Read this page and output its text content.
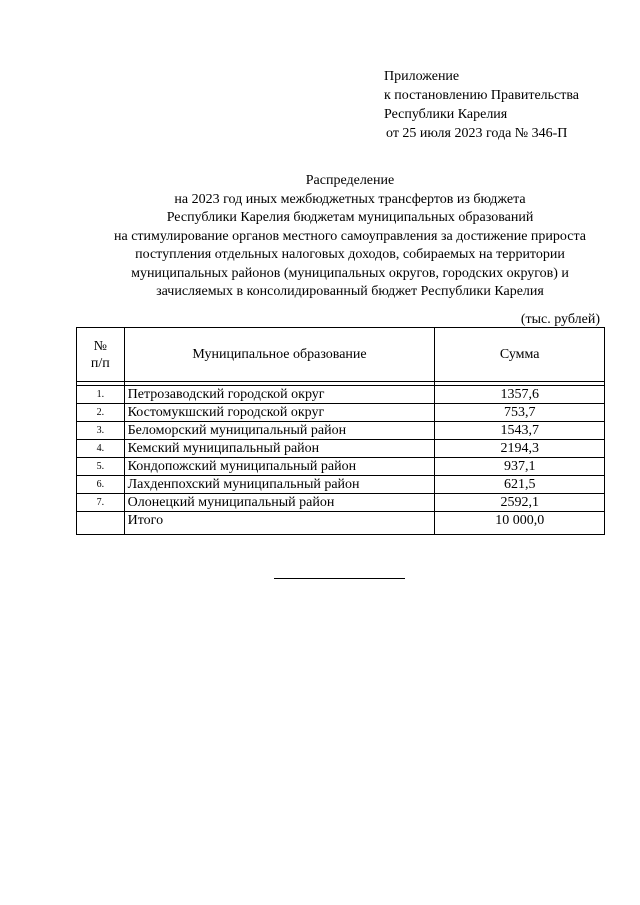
Приложение
к постановлению Правительства
Республики Карелия
от 25 июля 2023 года № 346-П
Распределение
на 2023 год иных межбюджетных трансфертов из бюджета
Республики Карелия бюджетам муниципальных образований
на стимулирование органов местного самоуправления за достижение прироста
поступления отдельных налоговых доходов, собираемых на территории
муниципальных районов (муниципальных округов, городских округов) и
зачисляемых в консолидированный бюджет Республики Карелия
(тыс. рублей)
№
п/п	Муниципальное образование	Сумма

1.	Петрозаводский городской округ	1357,6
2.	Костомукшский городской округ	753,7
3.	Беломорский муниципальный район	1543,7
4.	Кемский муниципальный район	2194,3
5.	Кондопожский муниципальный район	937,1
6.	Лахденпохский муниципальный район	621,5
7.	Олонецкий муниципальный район	2592,1
	Итого	10 000,0
